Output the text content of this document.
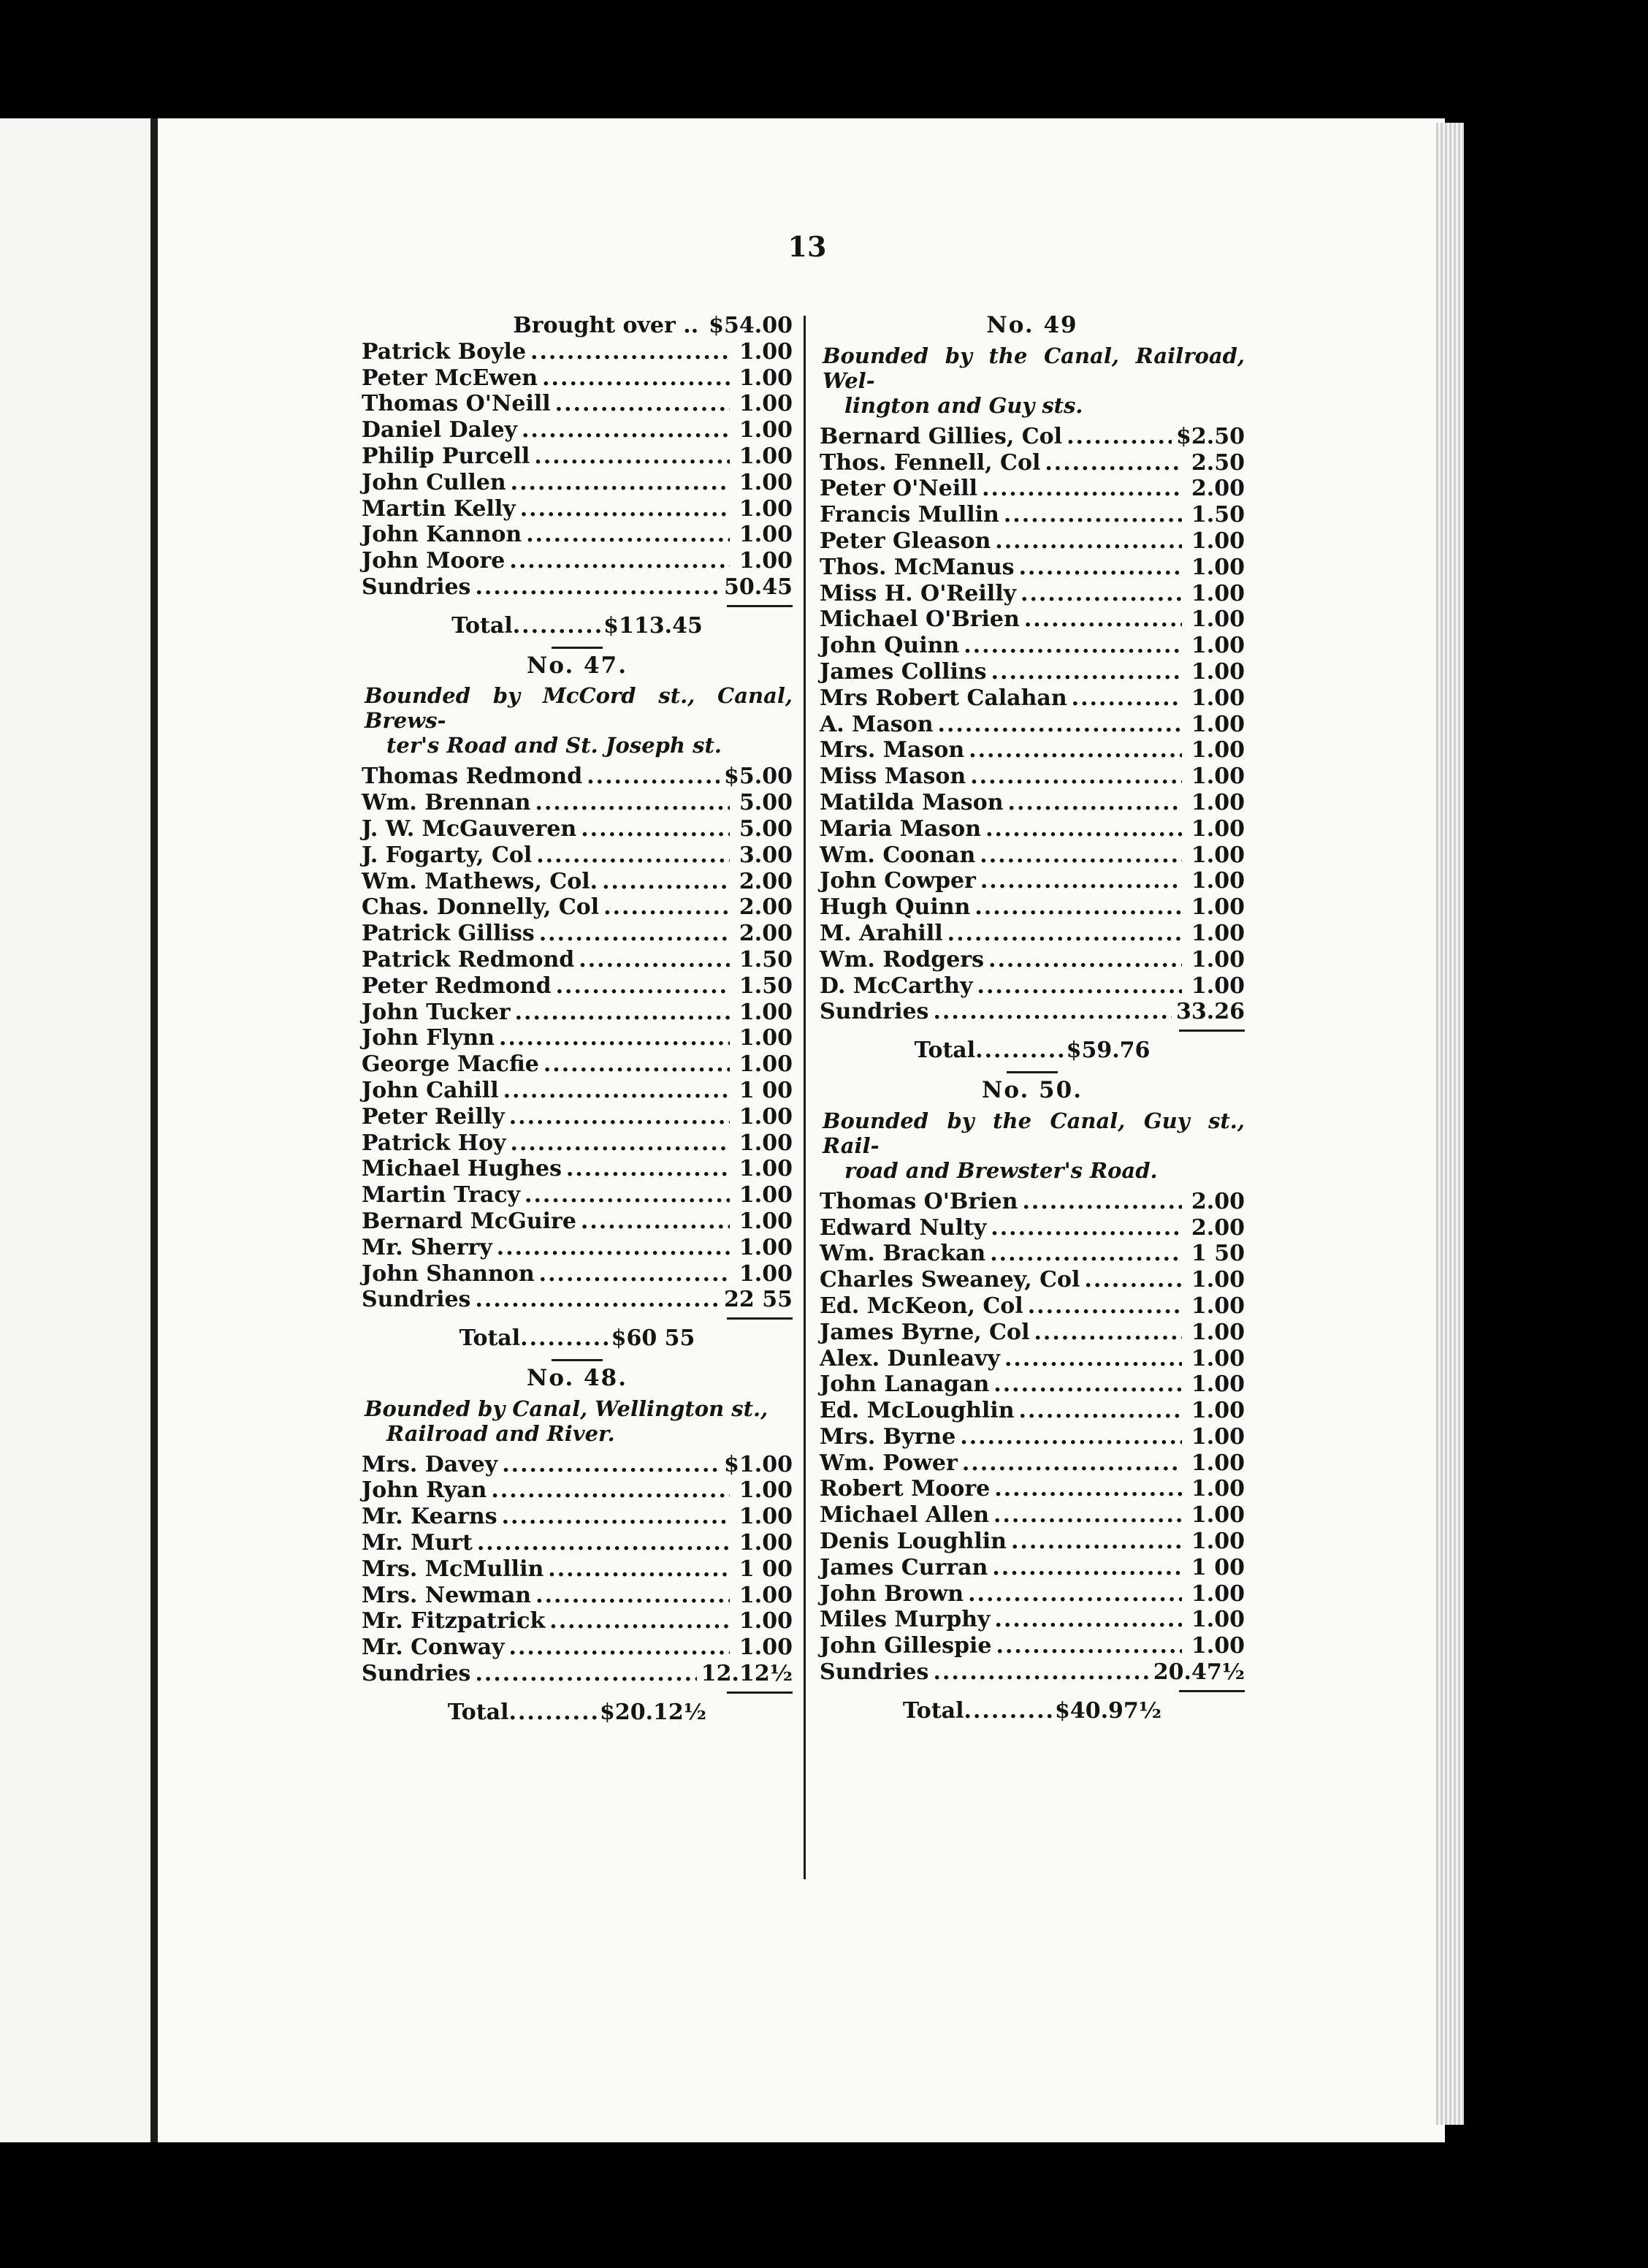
13
Brought over .. $54.00
Patrick Boyle .....	1.00
Peter McEwen .....	1.00
Thomas O'Neill .....	1.00
Daniel Daley .....	1.00
Philip Purcell .....	1.00
John Cullen .....	1.00
Martin Kelly .....	1.00
John Kannon .....	1.00
John Moore .....	1.00
Sundries .....	50.45
Total .......... $113.45
No. 47.
Bounded by McCord st., Canal, Brews-
ter's Road and St. Joseph st.
Thomas Redmond .....	$5.00
Wm. Brennan .....	5.00
J. W. McGauveren .....	5.00
J. Fogarty, Col .....	3.00
Wm. Mathews, Col. .....	2.00
Chas. Donnelly, Col .....	2.00
Patrick Gilliss .....	2.00
Patrick Redmond .....	1.50
Peter Redmond .....	1.50
John Tucker .....	1.00
John Flynn .....	1.00
George Macfie .....	1.00
John Cahill .....	1 00
Peter Reilly .....	1.00
Patrick Hoy .....	1.00
Michael Hughes .....	1.00
Martin Tracy .....	1.00
Bernard McGuire .....	1.00
Mr. Sherry .....	1.00
John Shannon .....	1.00
Sundries .....	22 55
Total .......... $60 55
No. 48.
Bounded by Canal, Wellington st.,
Railroad and River.
Mrs. Davey .....	$1.00
John Ryan .....	1.00
Mr. Kearns .....	1.00
Mr. Murt .....	1.00
Mrs. McMullin .....	1 00
Mrs. Newman .....	1.00
Mr. Fitzpatrick .....	1.00
Mr. Conway .....	1.00
Sundries .....	12.12½
Total .......... $20.12½
No. 49
Bounded by the Canal, Railroad, Wel-
lington and Guy sts.
Bernard Gillies, Col .....	$2.50
Thos. Fennell, Col .....	2.50
Peter O'Neill .....	2.00
Francis Mullin .....	1.50
Peter Gleason .....	1.00
Thos. McManus .....	1.00
Miss H. O'Reilly .....	1.00
Michael O'Brien .....	1.00
John Quinn .....	1.00
James Collins .....	1.00
Mrs Robert Calahan .....	1.00
A. Mason .....	1.00
Mrs. Mason .....	1.00
Miss Mason .....	1.00
Matilda Mason .....	1.00
Maria Mason .....	1.00
Wm. Coonan .....	1.00
John Cowper .....	1.00
Hugh Quinn .....	1.00
M. Arahill .....	1.00
Wm. Rodgers .....	1.00
D. McCarthy .....	1.00
Sundries .....	33.26
Total .......... $59.76
No. 50.
Bounded by the Canal, Guy st., Rail-
road and Brewster's Road.
Thomas O'Brien .....	2.00
Edward Nulty .....	2.00
Wm. Brackan .....	1 50
Charles Sweaney, Col .....	1.00
Ed. McKeon, Col .....	1.00
James Byrne, Col .....	1.00
Alex. Dunleavy .....	1.00
John Lanagan .....	1.00
Ed. McLoughlin .....	1.00
Mrs. Byrne .....	1.00
Wm. Power .....	1.00
Robert Moore .....	1.00
Michael Allen .....	1.00
Denis Loughlin .....	1.00
James Curran .....	1 00
John Brown .....	1.00
Miles Murphy .....	1.00
John Gillespie .....	1.00
Sundries .....	20.47½
Total .......... $40.97½
